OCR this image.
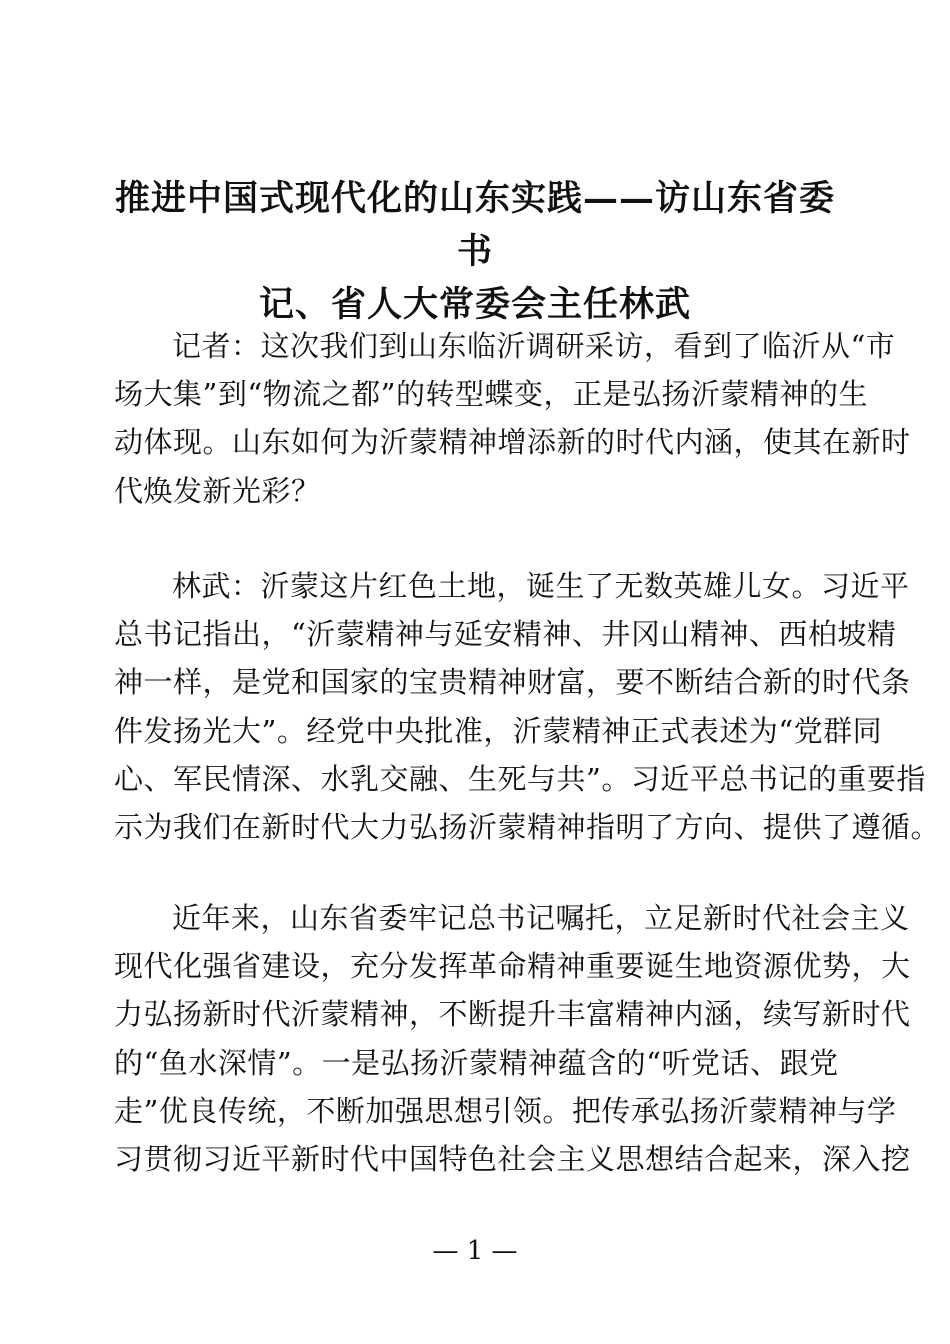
推进中国式现代化的山东实践——访山东省委书
记、省人大常委会主任林武

记者：这次我们到山东临沂调研采访，看到了临沂从“市
场大集”到“物流之都”的转型蝶变，正是弘扬沂蒙精神的生
动体现。山东如何为沂蒙精神增添新的时代内涵，使其在新时
代焕发新光彩？

林武：沂蒙这片红色土地，诞生了无数英雄儿女。习近平
总书记指出，“沂蒙精神与延安精神、井冈山精神、西柏坡精
神一样，是党和国家的宝贵精神财富，要不断结合新的时代条
件发扬光大”。经党中央批准，沂蒙精神正式表述为“党群同
心、军民情深、水乳交融、生死与共”。习近平总书记的重要指
示为我们在新时代大力弘扬沂蒙精神指明了方向、提供了遵循。

近年来，山东省委牢记总书记嘱托，立足新时代社会主义
现代化强省建设，充分发挥革命精神重要诞生地资源优势，大
力弘扬新时代沂蒙精神，不断提升丰富精神内涵，续写新时代
的“鱼水深情”。一是弘扬沂蒙精神蕴含的“听党话、跟党
走”优良传统，不断加强思想引领。把传承弘扬沂蒙精神与学
习贯彻习近平新时代中国特色社会主义思想结合起来，深入挖

— 1 —
